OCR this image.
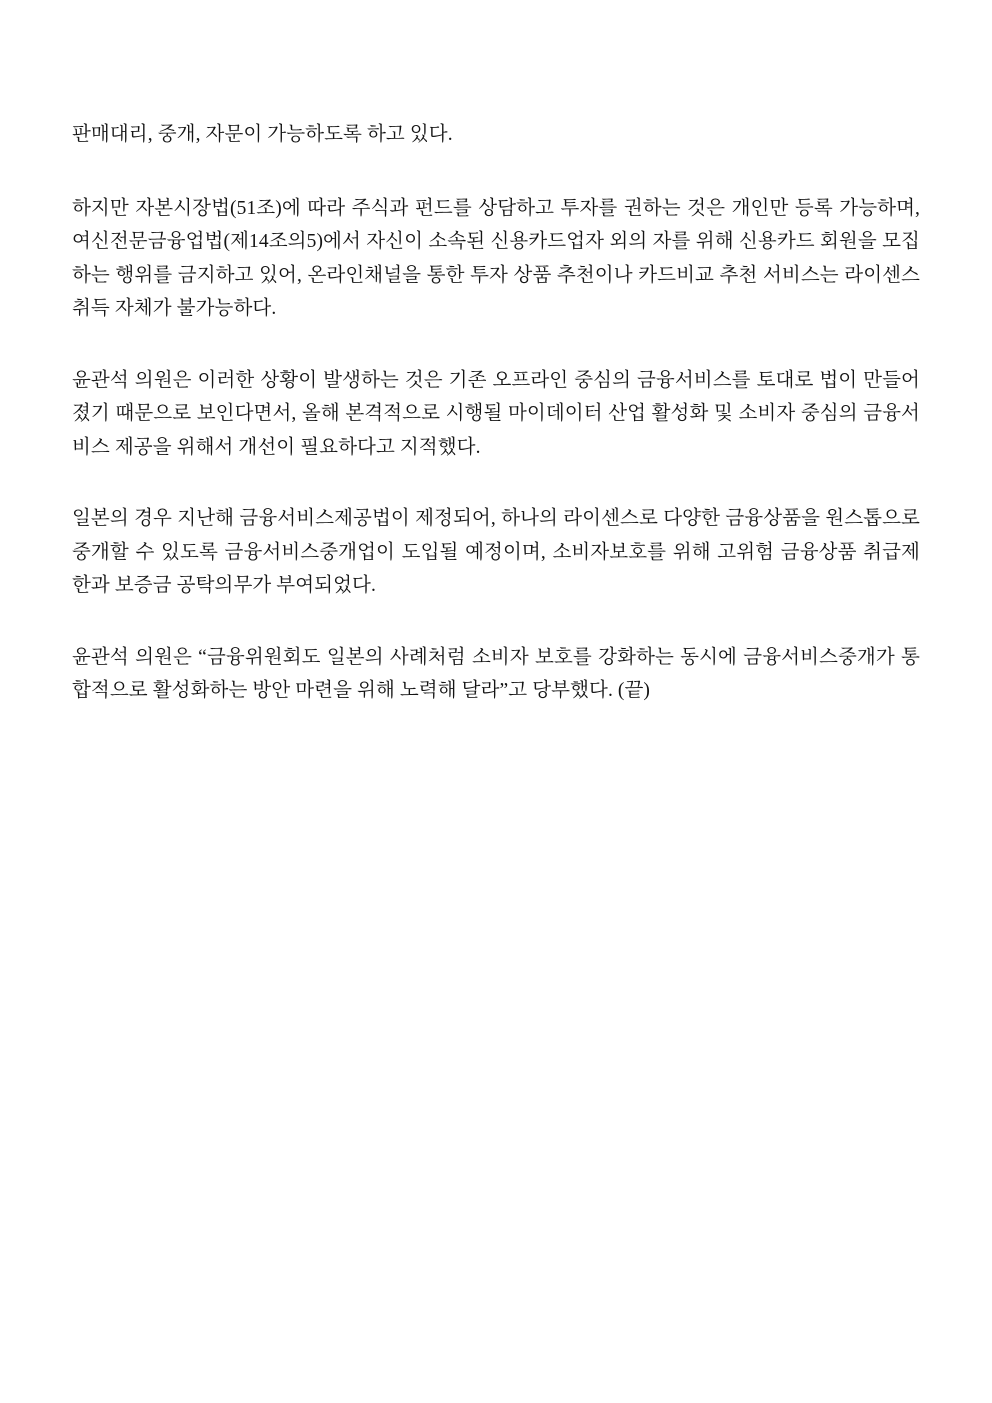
판매대리, 중개, 자문이 가능하도록 하고 있다.

하지만 자본시장법(51조)에 따라 주식과 펀드를 상담하고 투자를 권하는 것은 개인만 등록 가능하며, 여신전문금융업법(제14조의5)에서 자신이 소속된 신용카드업자 외의 자를 위해 신용카드 회원을 모집하는 행위를 금지하고 있어, 온라인채널을 통한 투자 상품 추천이나 카드비교 추천 서비스는 라이센스 취득 자체가 불가능하다.

윤관석 의원은 이러한 상황이 발생하는 것은 기존 오프라인 중심의 금융서비스를 토대로 법이 만들어졌기 때문으로 보인다면서, 올해 본격적으로 시행될 마이데이터 산업 활성화 및 소비자 중심의 금융서비스 제공을 위해서 개선이 필요하다고 지적했다.

일본의 경우 지난해 금융서비스제공법이 제정되어, 하나의 라이센스로 다양한 금융상품을 원스톱으로 중개할 수 있도록 금융서비스중개업이 도입될 예정이며, 소비자보호를 위해 고위험 금융상품 취급제한과 보증금 공탁의무가 부여되었다.

윤관석 의원은 “금융위원회도 일본의 사례처럼 소비자 보호를 강화하는 동시에 금융서비스중개가 통합적으로 활성화하는 방안 마련을 위해 노력해 달라”고 당부했다. (끝)
